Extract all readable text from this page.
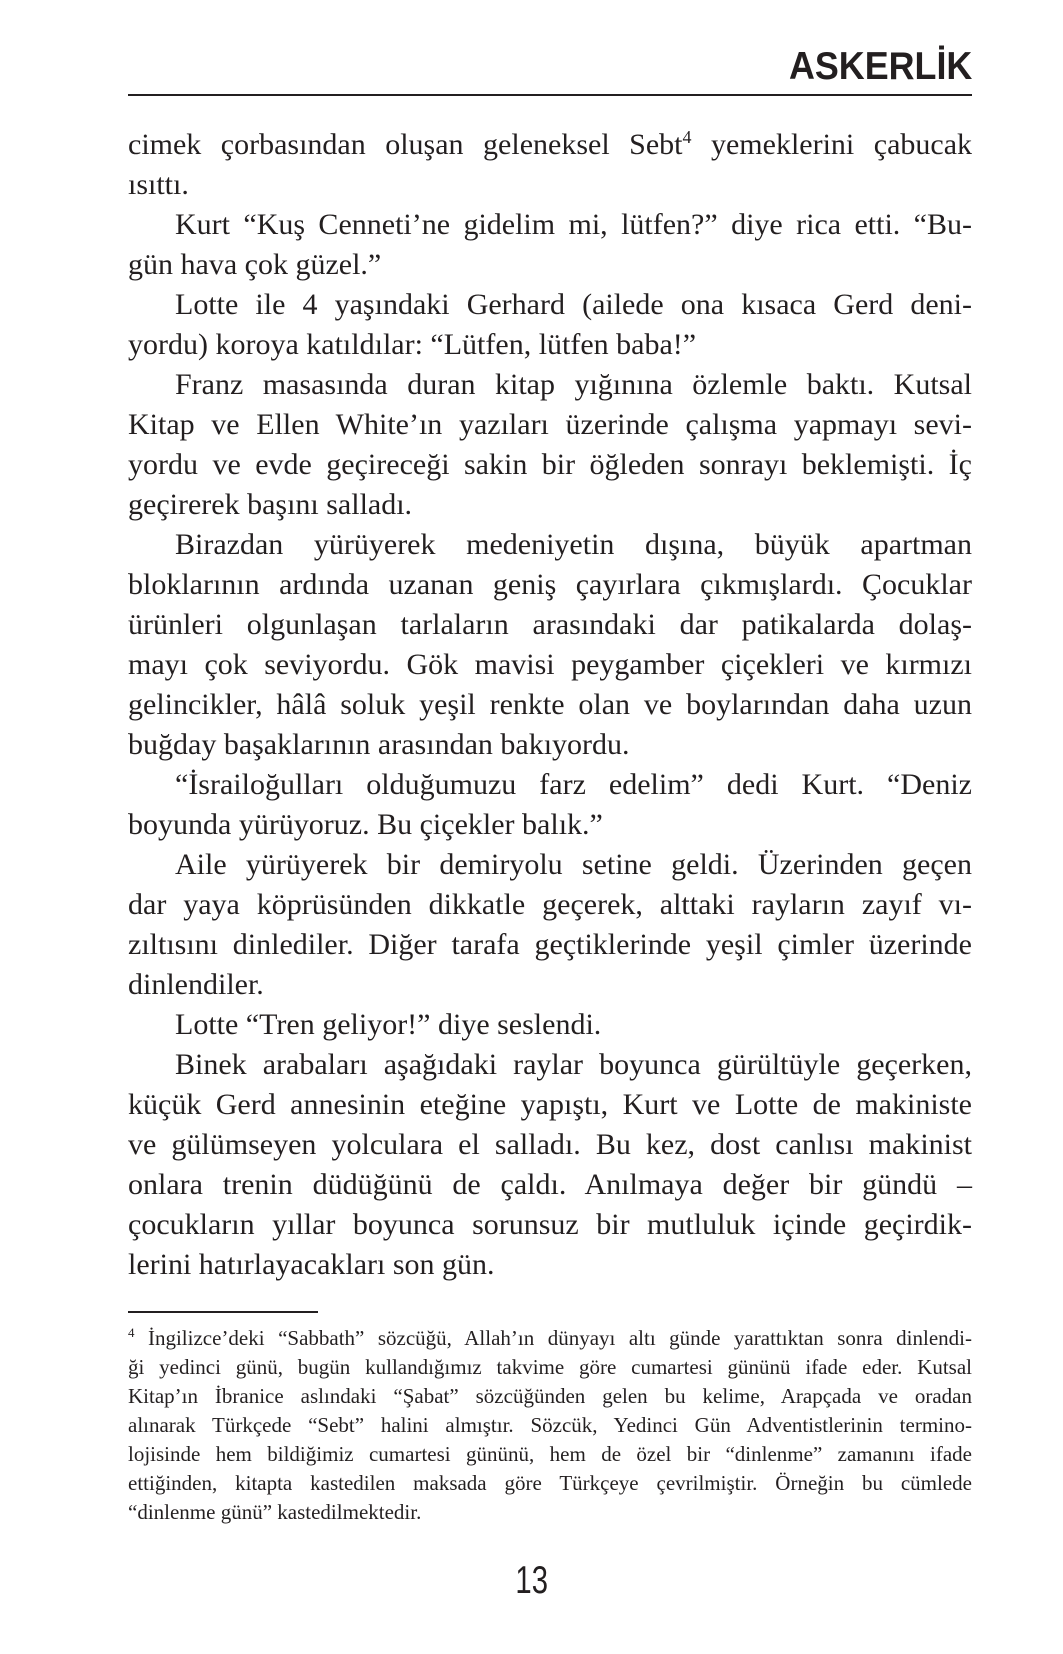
ASKERLİK
cimek çorbasından oluşan geleneksel Sebt$^4$ yemeklerini çabucak
ısıttı.
Kurt “Kuş Cenneti’ne gidelim mi, lütfen?” diye rica etti. “Bu-
gün hava çok güzel.”
Lotte ile 4 yaşındaki Gerhard (ailede ona kısaca Gerd deni-
yordu) koroya katıldılar: “Lütfen, lütfen baba!”
Franz masasında duran kitap yığınına özlemle baktı. Kutsal
Kitap ve Ellen White’ın yazıları üzerinde çalışma yapmayı sevi-
yordu ve evde geçireceği sakin bir öğleden sonrayı beklemişti. İç
geçirerek başını salladı.
Birazdan yürüyerek medeniyetin dışına, büyük apartman
bloklarının ardında uzanan geniş çayırlara çıkmışlardı. Çocuklar
ürünleri olgunlaşan tarlaların arasındaki dar patikalarda dolaş-
mayı çok seviyordu. Gök mavisi peygamber çiçekleri ve kırmızı
gelincikler, hâlâ soluk yeşil renkte olan ve boylarından daha uzun
buğday başaklarının arasından bakıyordu.
“İsrailoğulları olduğumuzu farz edelim” dedi Kurt. “Deniz
boyunda yürüyoruz. Bu çiçekler balık.”
Aile yürüyerek bir demiryolu setine geldi. Üzerinden geçen
dar yaya köprüsünden dikkatle geçerek, alttaki rayların zayıf vı-
zıltısını dinlediler. Diğer tarafa geçtiklerinde yeşil çimler üzerinde
dinlendiler.
Lotte “Tren geliyor!” diye seslendi.
Binek arabaları aşağıdaki raylar boyunca gürültüyle geçerken,
küçük Gerd annesinin eteğine yapıştı, Kurt ve Lotte de makiniste
ve gülümseyen yolculara el salladı. Bu kez, dost canlısı makinist
onlara trenin düdüğünü de çaldı. Anılmaya değer bir gündü –
çocukların yıllar boyunca sorunsuz bir mutluluk içinde geçirdik-
lerini hatırlayacakları son gün.
$^4$ İngilizce’deki “Sabbath” sözcüğü, Allah’ın dünyayı altı günde yarattıktan sonra dinlendi-
ği yedinci günü, bugün kullandığımız takvime göre cumartesi gününü ifade eder. Kutsal
Kitap’ın İbranice aslındaki “Şabat” sözcüğünden gelen bu kelime, Arapçada ve oradan
alınarak Türkçede “Sebt” halini almıştır. Sözcük, Yedinci Gün Adventistlerinin termino-
lojisinde hem bildiğimiz cumartesi gününü, hem de özel bir “dinlenme” zamanını ifade
ettiğinden, kitapta kastedilen maksada göre Türkçeye çevrilmiştir. Örneğin bu cümlede
“dinlenme günü” kastedilmektedir.
13
